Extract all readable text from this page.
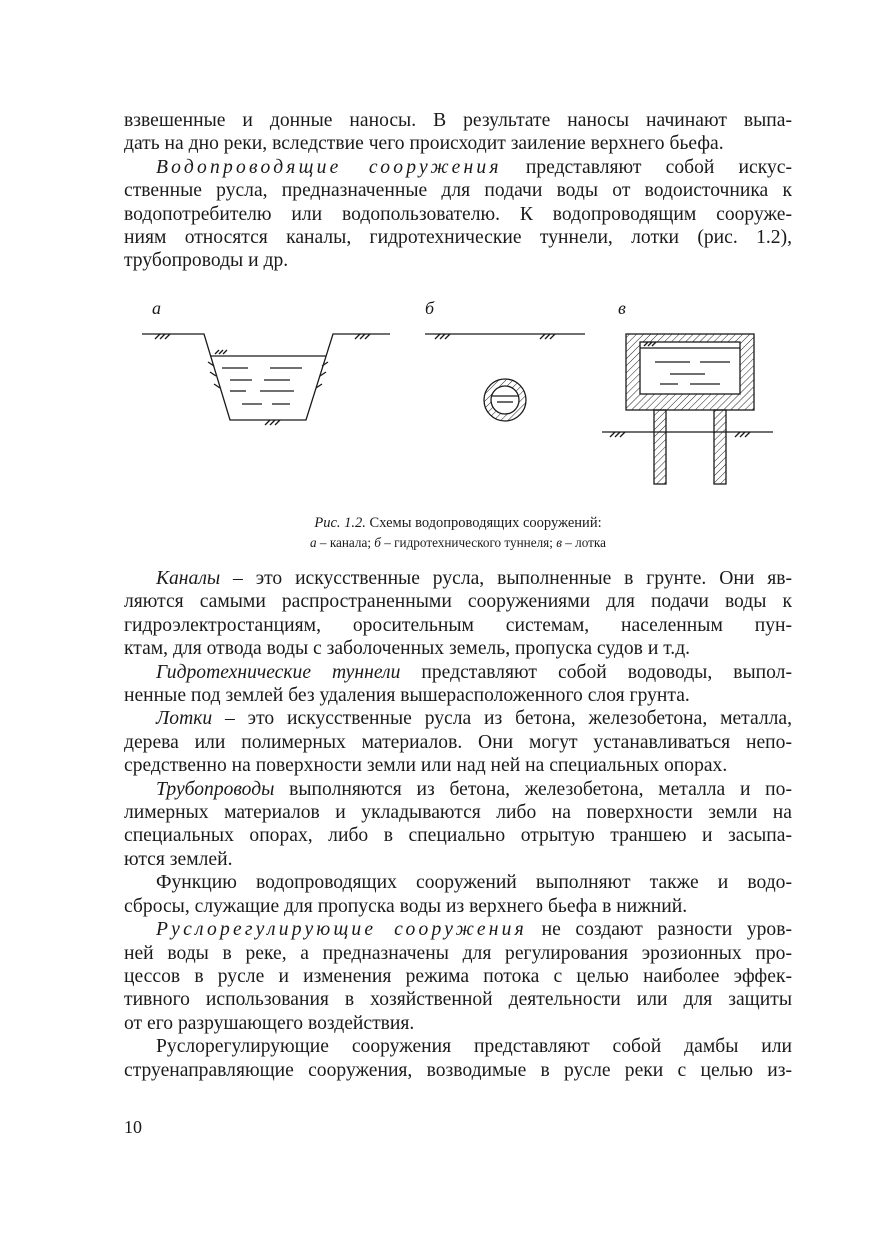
взвешенные и донные наносы. В результате наносы начинают выпа-

дать на дно реки, вследствие чего происходит заиление верхнего бьефа.

Водопроводящие сооружения представляют собой искус-

ственные русла, предназначенные для подачи воды от водоисточника к

водопотребителю или водопользователю. К водопроводящим сооруже-

ниям относятся каналы, гидротехнические туннели, лотки (рис. 1.2),

трубопроводы и др.

а	б	в
Рис. 1.2. Схемы водопроводящих сооружений:
а – канала; б – гидротехнического туннеля; в – лотка

Каналы – это искусственные русла, выполненные в грунте. Они яв-

ляются самыми распространенными сооружениями для подачи воды к

гидроэлектростанциям, оросительным системам, населенным пун-

ктам, для отвода воды с заболоченных земель, пропуска судов и т.д.

Гидротехнические туннели представляют собой водоводы, выпол-

ненные под землей без удаления вышерасположенного слоя грунта.

Лотки – это искусственные русла из бетона, железобетона, металла,

дерева или полимерных материалов. Они могут устанавливаться непо-

средственно на поверхности земли или над ней на специальных опорах.

Трубопроводы выполняются из бетона, железобетона, металла и по-

лимерных материалов и укладываются либо на поверхности земли на

специальных опорах, либо в специально отрытую траншею и засыпа-

ются землей.

Функцию водопроводящих сооружений выполняют также и водо-

сбросы, служащие для пропуска воды из верхнего бьефа в нижний.

Руслорегулирующие сооружения не создают разности уров-

ней воды в реке, а предназначены для регулирования эрозионных про-

цессов в русле и изменения режима потока с целью наиболее эффек-

тивного использования в хозяйственной деятельности или для защиты

от его разрушающего воздействия.

Руслорегулирующие сооружения представляют собой дамбы или

струенаправляющие сооружения, возводимые в русле реки с целью из-

10
